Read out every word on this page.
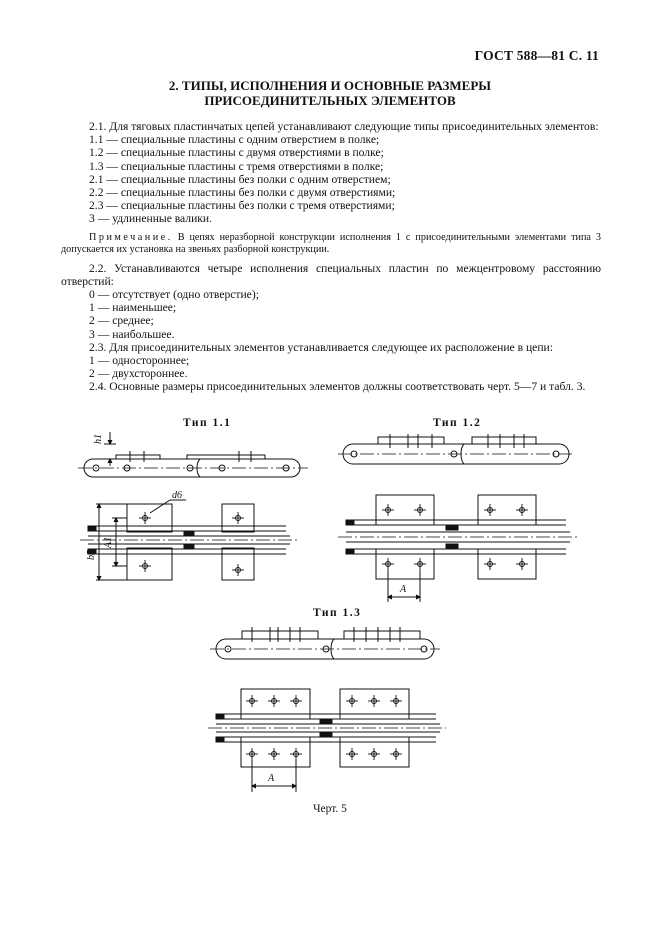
ГОСТ 588—81 С. 11
2. ТИПЫ, ИСПОЛНЕНИЯ И ОСНОВНЫЕ РАЗМЕРЫ
ПРИСОЕДИНИТЕЛЬНЫХ ЭЛЕМЕНТОВ

2.1. Для тяговых пластинчатых цепей устанавливают следующие типы присоединительных элементов:

1.1 — специальные пластины с одним отверстием в полке;

1.2 — специальные пластины с двумя отверстиями в полке;

1.3 — специальные пластины с тремя отверстиями в полке;

2.1 — специальные пластины без полки с одним отверстием;

2.2 — специальные пластины без полки с двумя отверстиями;

2.3 — специальные пластины без полки с тремя отверстиями;

3 — удлиненные валики.

Примечание. В цепях неразборной конструкции исполнения 1 с присоединительными элементами типа 3 допускается их установка на звеньях разборной конструкции.

2.2. Устанавливаются четыре исполнения специальных пластин по межцентровому расстоянию отверстий:

0 — отсутствует (одно отверстие);

1 — наименьшее;

2 — среднее;

3 — наибольшее.

2.3. Для присоединительных элементов устанавливается следующее их расположение в цепи:

1 — одностороннее;

2 — двухстороннее.

2.4. Основные размеры присоединительных элементов должны соответствовать черт. 5—7 и табл. 3.

Тип 1.1	Тип 1.2
Тип 1.3
h1
d6
A1
b5
A
A
Черт. 5
